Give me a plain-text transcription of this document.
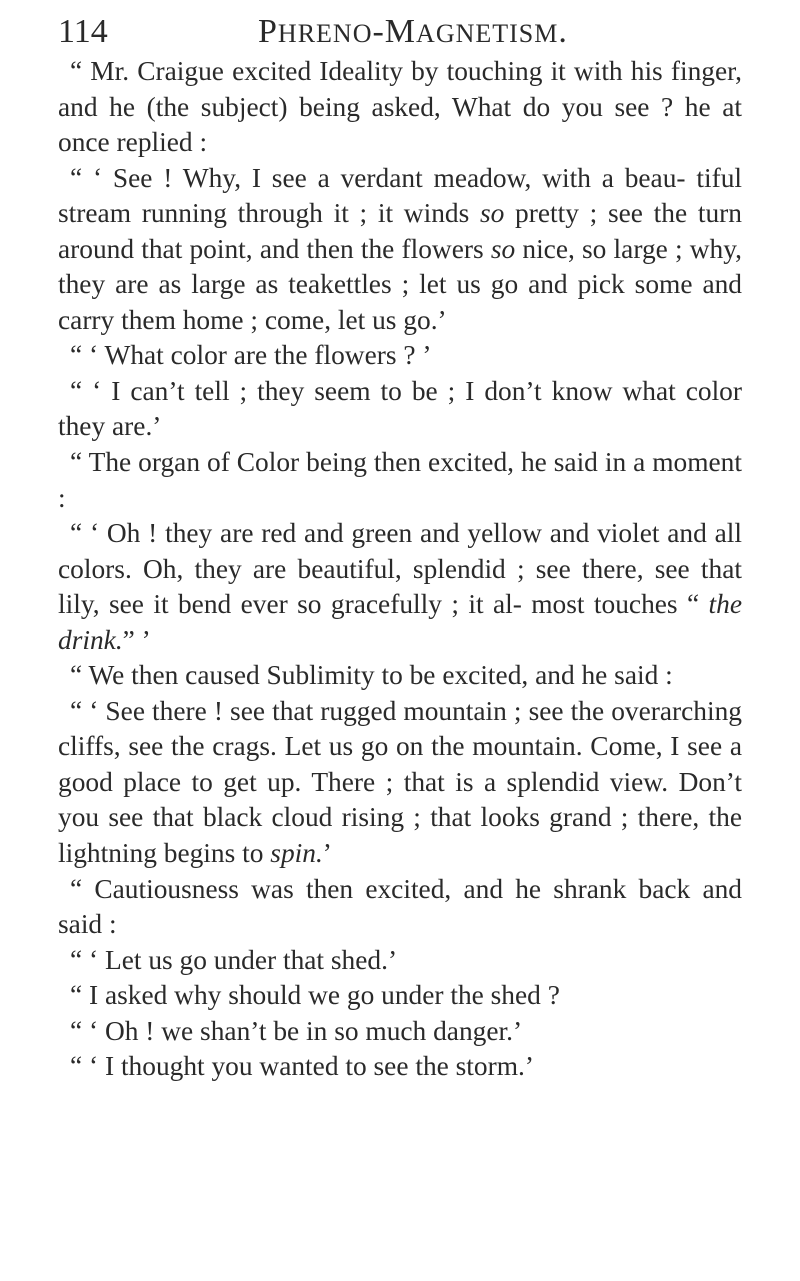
114	PHRENO-MAGNETISM.

“ Mr. Craigue excited Ideality by touching it with his finger, and he (the subject) being asked, What do you see ? he at once replied :

“ ‘ See ! Why, I see a verdant meadow, with a beau- tiful stream running through it ; it winds so pretty ; see the turn around that point, and then the flowers so nice, so large ; why, they are as large as teakettles ; let us go and pick some and carry them home ; come, let us go.’

“ ‘ What color are the flowers ? ’

“ ‘ I can’t tell ; they seem to be ; I don’t know what color they are.’

“ The organ of Color being then excited, he said in a moment :

“ ‘ Oh ! they are red and green and yellow and violet and all colors. Oh, they are beautiful, splendid ; see there, see that lily, see it bend ever so gracefully ; it al- most touches “ the drink.” ’

“ We then caused Sublimity to be excited, and he said :

“ ‘ See there ! see that rugged mountain ; see the overarching cliffs, see the crags. Let us go on the mountain. Come, I see a good place to get up. There ; that is a splendid view. Don’t you see that black cloud rising ; that looks grand ; there, the lightning begins to spin.’

“ Cautiousness was then excited, and he shrank back and said :

“ ‘ Let us go under that shed.’

“ I asked why should we go under the shed ?

“ ‘ Oh ! we shan’t be in so much danger.’

“ ‘ I thought you wanted to see the storm.’
